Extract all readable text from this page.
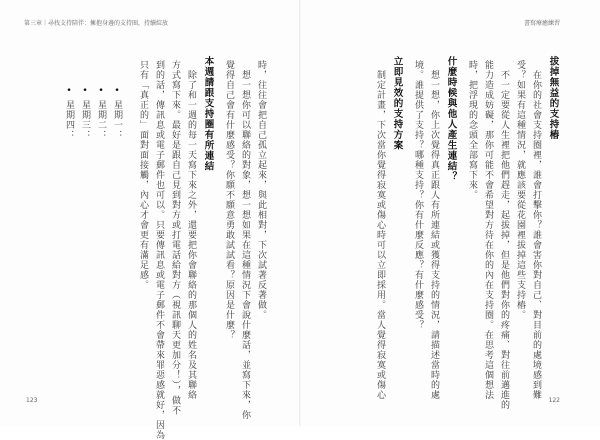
第三章｜尋找支持陪伴：擁抱身邊的支持圈，持續綻放	書寫療癒練習
拔掉無益的支持樁
在你的社會支持圈裡，誰會打擊你？誰會害你對自己、對目前的處境感到難
受？如果有這種情況，就應該要從花園裡拔掉這些支持樁。
不一定要從人生裡把他們趕走，起拔掉，但是他們對你的疼痛、對往前邁進的
能力造成妨礙，那你可能不會希望對方待在你的內在支持圈。在思考這個想法
時，把浮現的念頭全部寫下來。
什麼時候與他人產生連結？
想一想，你上次覺得真正跟人有所連結或獲得支持的情況，請描述當時的處
境。誰提供了支持？哪種支持？你有什麼反應？有什麼感受？
立即見效的支持方案
制定計畫，下次當你覺得寂寞或傷心時可以立即採用。當人覺得寂寞或傷心
時，往往會把自己孤立起來，與此相對，下次試著反著做。
想一想你可以聯絡的對象，想一想如果在這種情況下會說什麼話，並寫下來，你
覺得自己會有什麼感受？你願不願意勇敢試試看？原因是什麼？
本週請跟支持圈有所連結
除了和一週的每一天寫下來之外，還要把你會聯絡的那個人的姓名及其聯絡
方式寫下來。最好是跟自己見到對方或打電話給對方（視訊聊天更加分！），做不
到的話，傳訊息或電子郵件也可以。只要傳訊息或電子郵件不會帶來罪惡感就好，因為
只有「真正的」面對面接觸，內心才會更有滿足感。
•星期一：
•星期二：
•星期三：
•星期四：
123	122
